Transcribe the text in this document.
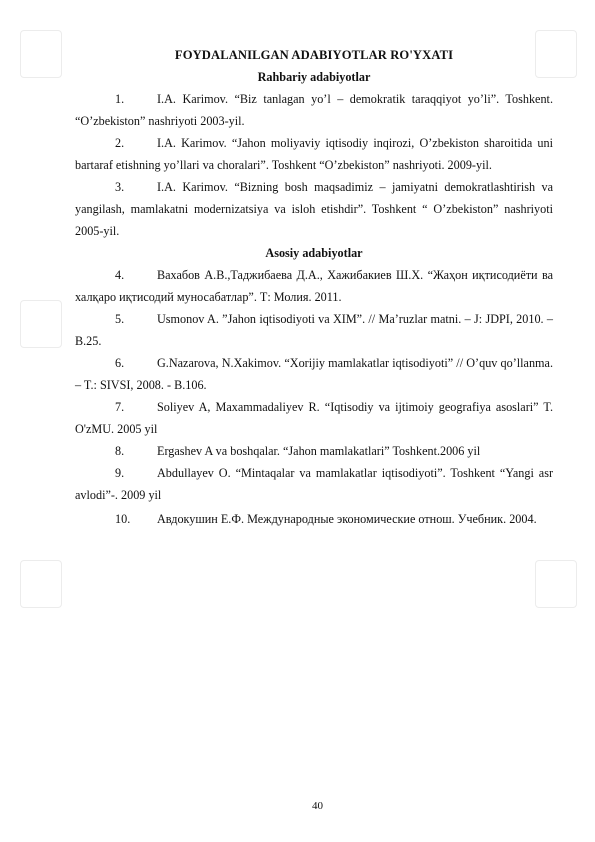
FOYDALANILGAN ADABIYOTLAR RO'YXATI
Rahbariy adabiyotlar
1.	I.A. Karimov. “Biz tanlagan yo’l – demokratik taraqqiyot yo’li”. Toshkent. “O’zbekiston” nashriyoti 2003-yil.
2.	I.A. Karimov. “Jahon moliyaviy iqtisodiy inqirozi, O’zbekiston sharoitida uni bartaraf etishning yo’llari va choralari”. Toshkent “O’zbekiston” nashriyoti. 2009-yil.
3.	I.A. Karimov. “Bizning bosh maqsadimiz – jamiyatni demokratlashtirish va yangilash, mamlakatni modernizatsiya va isloh etishdir”. Toshkent “ O’zbekiston” nashriyoti 2005-yil.
Asosiy adabiyotlar
4.	Вахабов А.В.,Таджибаева Д.А., Хажибакиев Ш.Х. “Жаҳон иқтисодиёти ва халқаро иқтисодий муносабатлар”. Т: Молия. 2011.
5.	Usmonov A. ”Jahon iqtisodiyoti va XIM”. // Ma’ruzlar matni. – J: JDPI, 2010. – B.25.
6.	G.Nazarova, N.Xakimov. “Xorijiy mamlakatlar iqtisodiyoti” // O’quv qo’llanma. – T.: SIVSI, 2008. - B.106.
7.	Soliyev A, Maxammadaliyev R. “Iqtisodiy va ijtimoiy geografiya asoslari” T. O'zMU. 2005 yil
8.	Ergashev A va boshqalar. “Jahon mamlakatlari” Toshkent.2006 yil
9.	Abdullayev O. “Mintaqalar va mamlakatlar iqtisodiyoti”. Toshkent “Yangi asr avlodi”-. 2009 yil
10. Авдокушин Е.Ф. Международные экономические отнош. Учебник. 2004.
40
